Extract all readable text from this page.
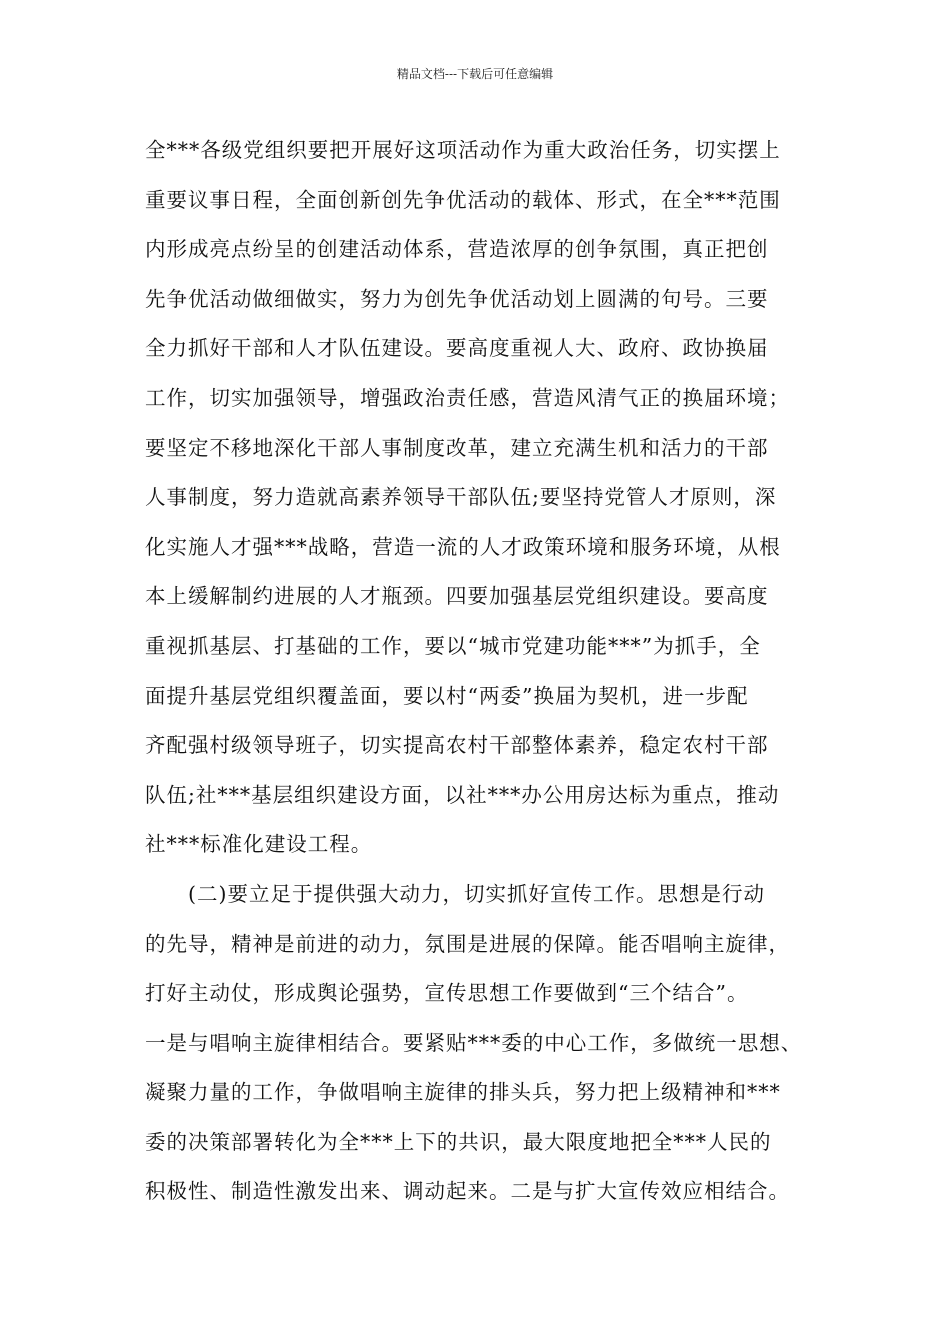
精品文档---下载后可任意编辑
全***各级党组织要把开展好这项活动作为重大政治任务，切实摆上
重要议事日程，全面创新创先争优活动的载体、形式，在全***范围
内形成亮点纷呈的创建活动体系，营造浓厚的创争氛围，真正把创
先争优活动做细做实，努力为创先争优活动划上圆满的句号。三要
全力抓好干部和人才队伍建设。要高度重视人大、政府、政协换届
工作，切实加强领导，增强政治责任感，营造风清气正的换届环境；
要坚定不移地深化干部人事制度改革，建立充满生机和活力的干部
人事制度，努力造就高素养领导干部队伍;要坚持党管人才原则，深
化实施人才强***战略，营造一流的人才政策环境和服务环境，从根
本上缓解制约进展的人才瓶颈。四要加强基层党组织建设。要高度
重视抓基层、打基础的工作，要以“城市党建功能***”为抓手，全
面提升基层党组织覆盖面，要以村“两委”换届为契机，进一步配
齐配强村级领导班子，切实提高农村干部整体素养，稳定农村干部
队伍;社***基层组织建设方面，以社***办公用房达标为重点，推动
社***标准化建设工程。
(二)要立足于提供强大动力，切实抓好宣传工作。思想是行动
的先导，精神是前进的动力，氛围是进展的保障。能否唱响主旋律，
打好主动仗，形成舆论强势，宣传思想工作要做到“三个结合”。
一是与唱响主旋律相结合。要紧贴***委的中心工作，多做统一思想、
凝聚力量的工作，争做唱响主旋律的排头兵，努力把上级精神和***
委的决策部署转化为全***上下的共识，最大限度地把全***人民的
积极性、制造性激发出来、调动起来。二是与扩大宣传效应相结合。
